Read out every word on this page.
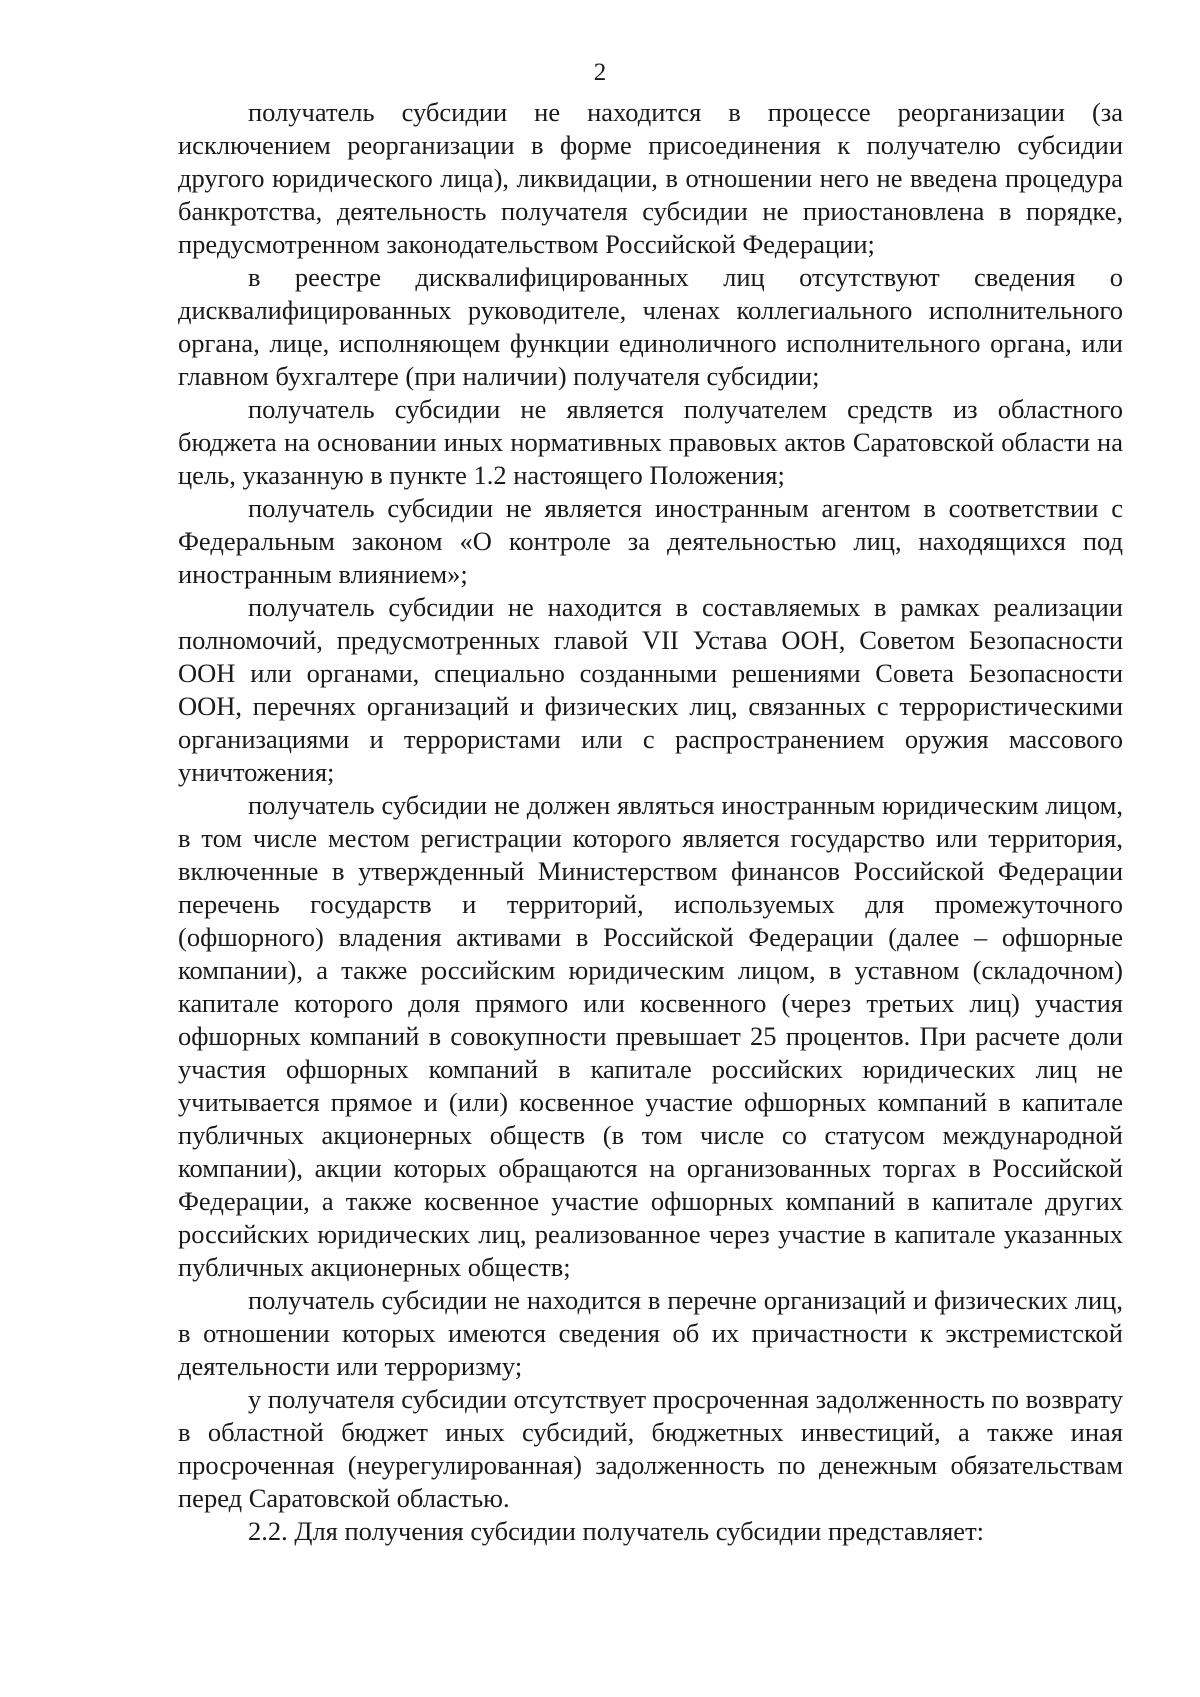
2

получатель субсидии не находится в процессе реорганизации (за исключением реорганизации в форме присоединения к получателю субсидии другого юридического лица), ликвидации, в отношении него не введена процедура банкротства, деятельность получателя субсидии не приостановлена в порядке, предусмотренном законодательством Российской Федерации;

в реестре дисквалифицированных лиц отсутствуют сведения о дисквалифицированных руководителе, членах коллегиального исполнительного органа, лице, исполняющем функции единоличного исполнительного органа, или главном бухгалтере (при наличии) получателя субсидии;

получатель субсидии не является получателем средств из областного бюджета на основании иных нормативных правовых актов Саратовской области на цель, указанную в пункте 1.2 настоящего Положения;

получатель субсидии не является иностранным агентом в соответствии с Федеральным законом «О контроле за деятельностью лиц, находящихся под иностранным влиянием»;

получатель субсидии не находится в составляемых в рамках реализации полномочий, предусмотренных главой VII Устава ООН, Советом Безопасности ООН или органами, специально созданными решениями Совета Безопасности ООН, перечнях организаций и физических лиц, связанных с террористическими организациями и террористами или с распространением оружия массового уничтожения;

получатель субсидии не должен являться иностранным юридическим лицом, в том числе местом регистрации которого является государство или территория, включенные в утвержденный Министерством финансов Российской Федерации перечень государств и территорий, используемых для промежуточного (офшорного) владения активами в Российской Федерации (далее – офшорные компании), а также российским юридическим лицом, в уставном (складочном) капитале которого доля прямого или косвенного (через третьих лиц) участия офшорных компаний в совокупности превышает 25 процентов. При расчете доли участия офшорных компаний в капитале российских юридических лиц не учитывается прямое и (или) косвенное участие офшорных компаний в капитале публичных акционерных обществ (в том числе со статусом международной компании), акции которых обращаются на организованных торгах в Российской Федерации, а также косвенное участие офшорных компаний в капитале других российских юридических лиц, реализованное через участие в капитале указанных публичных акционерных обществ;

получатель субсидии не находится в перечне организаций и физических лиц, в отношении которых имеются сведения об их причастности к экстремистской деятельности или терроризму;

у получателя субсидии отсутствует просроченная задолженность по возврату в областной бюджет иных субсидий, бюджетных инвестиций, а также иная просроченная (неурегулированная) задолженность по денежным обязательствам перед Саратовской областью.

2.2. Для получения субсидии получатель субсидии представляет:
